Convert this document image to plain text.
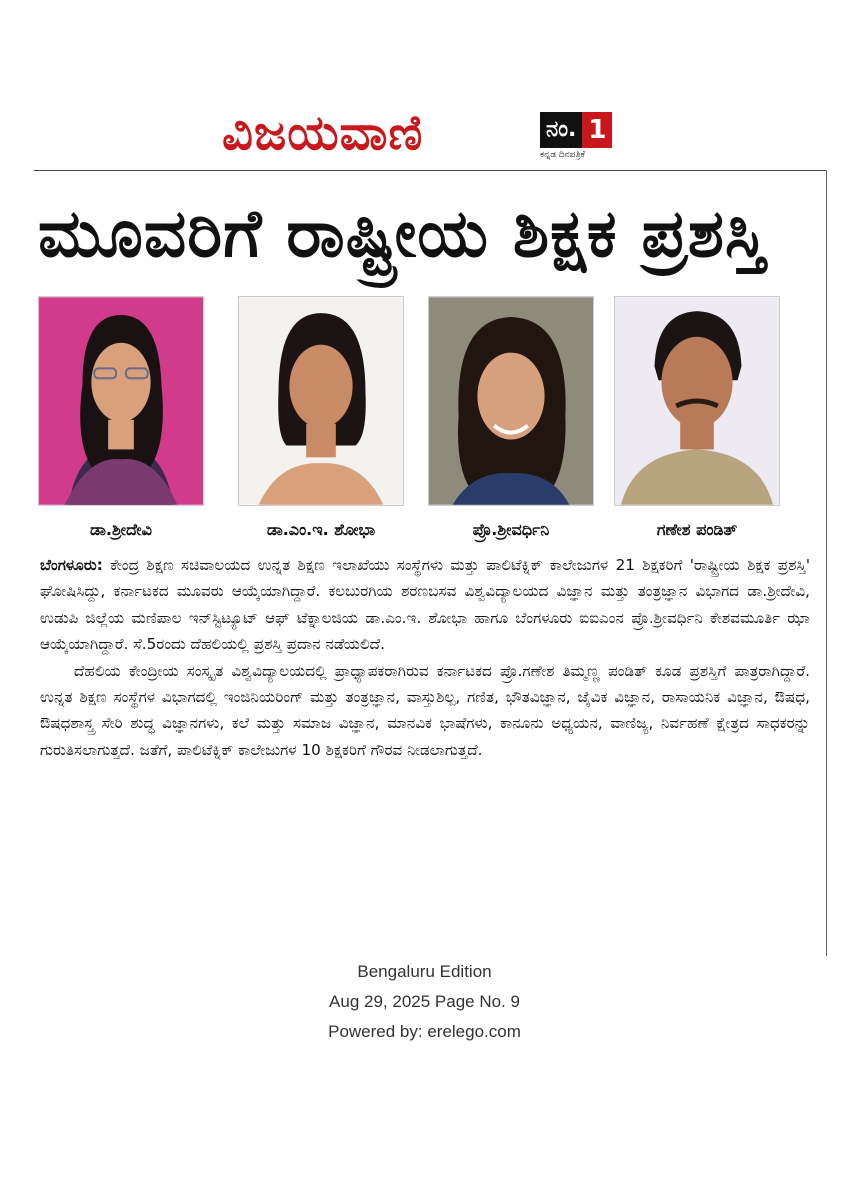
ವಿಜಯವಾಣಿ	ನಂ. 1
ಕನ್ನಡ ದಿನಪತ್ರಿಕೆ
ಮೂವರಿಗೆ ರಾಷ್ಟ್ರೀಯ ಶಿಕ್ಷಕ ಪ್ರಶಸ್ತಿ
ಡಾ.ಶ್ರೀದೇವಿ	ಡಾ.ಎಂ.ಇ. ಶೋಭಾ	ಪ್ರೊ.ಶ್ರೀವರ್ಧಿನಿ	ಗಣೇಶ ಪಂಡಿತ್

ಬೆಂಗಳೂರು: ಕೇಂದ್ರ ಶಿಕ್ಷಣ ಸಚಿವಾಲಯದ ಉನ್ನತ ಶಿಕ್ಷಣ ಇಲಾಖೆಯು ಸಂಸ್ಥೆಗಳು ಮತ್ತು ಪಾಲಿಟೆಕ್ನಿಕ್ ಕಾಲೇಜುಗಳ 21 ಶಿಕ್ಷಕರಿಗೆ 'ರಾಷ್ಟ್ರೀಯ ಶಿಕ್ಷಕ ಪ್ರಶಸ್ತಿ' ಘೋಷಿಸಿದ್ದು, ಕರ್ನಾಟಕದ ಮೂವರು ಆಯ್ಕೆಯಾಗಿದ್ದಾರೆ. ಕಲಬುರಗಿಯ ಶರಣಬಸವ ವಿಶ್ವವಿದ್ಯಾಲಯದ ವಿಜ್ಞಾನ ಮತ್ತು ತಂತ್ರಜ್ಞಾನ ವಿಭಾಗದ ಡಾ.ಶ್ರೀದೇವಿ, ಉಡುಪಿ ಜಿಲ್ಲೆಯ ಮಣಿಪಾಲ ಇನ್‌ಸ್ಟಿಟ್ಯೂಟ್ ಆಫ್ ಟೆಕ್ನಾಲಜಿಯ ಡಾ.ಎಂ.ಇ. ಶೋಭಾ ಹಾಗೂ ಬೆಂಗಳೂರು ಐಐಎಂನ ಪ್ರೊ.ಶ್ರೀವರ್ಧಿನಿ ಕೇಶವಮೂರ್ತಿ ಝಾ ಆಯ್ಕೆಯಾಗಿದ್ದಾರೆ. ಸೆ.5ರಂದು ದೆಹಲಿಯಲ್ಲಿ ಪ್ರಶಸ್ತಿ ಪ್ರದಾನ ನಡೆಯಲಿದೆ.

ದೆಹಲಿಯ ಕೇಂದ್ರೀಯ ಸಂಸ್ಕೃತ ವಿಶ್ವವಿದ್ಯಾಲಯದಲ್ಲಿ ಪ್ರಾಧ್ಯಾಪಕರಾಗಿರುವ ಕರ್ನಾಟಕದ ಪ್ರೊ.ಗಣೇಶ ತಿಮ್ಮಣ್ಣ ಪಂಡಿತ್ ಕೂಡ ಪ್ರಶಸ್ತಿಗೆ ಪಾತ್ರರಾಗಿದ್ದಾರೆ. ಉನ್ನತ ಶಿಕ್ಷಣ ಸಂಸ್ಥೆಗಳ ವಿಭಾಗದಲ್ಲಿ ಇಂಜಿನಿಯರಿಂಗ್ ಮತ್ತು ತಂತ್ರಜ್ಞಾನ, ವಾಸ್ತುಶಿಲ್ಪ, ಗಣಿತ, ಭೌತವಿಜ್ಞಾನ, ಜೈವಿಕ ವಿಜ್ಞಾನ, ರಾಸಾಯನಿಕ ವಿಜ್ಞಾನ, ಔಷಧ, ಔಷಧಶಾಸ್ತ್ರ ಸೇರಿ ಶುದ್ಧ ವಿಜ್ಞಾನಗಳು, ಕಲೆ ಮತ್ತು ಸಮಾಜ ವಿಜ್ಞಾನ, ಮಾನವಿಕ ಭಾಷೆಗಳು, ಕಾನೂನು ಅಧ್ಯಯನ, ವಾಣಿಜ್ಯ, ನಿರ್ವಹಣೆ ಕ್ಷೇತ್ರದ ಸಾಧಕರನ್ನು ಗುರುತಿಸಲಾಗುತ್ತದೆ. ಜತೆಗೆ, ಪಾಲಿಟೆಕ್ನಿಕ್ ಕಾಲೇಜುಗಳ 10 ಶಿಕ್ಷಕರಿಗೆ ಗೌರವ ನೀಡಲಾಗುತ್ತದೆ.

Bengaluru Edition
Aug 29, 2025 Page No. 9
Powered by: erelego.com
